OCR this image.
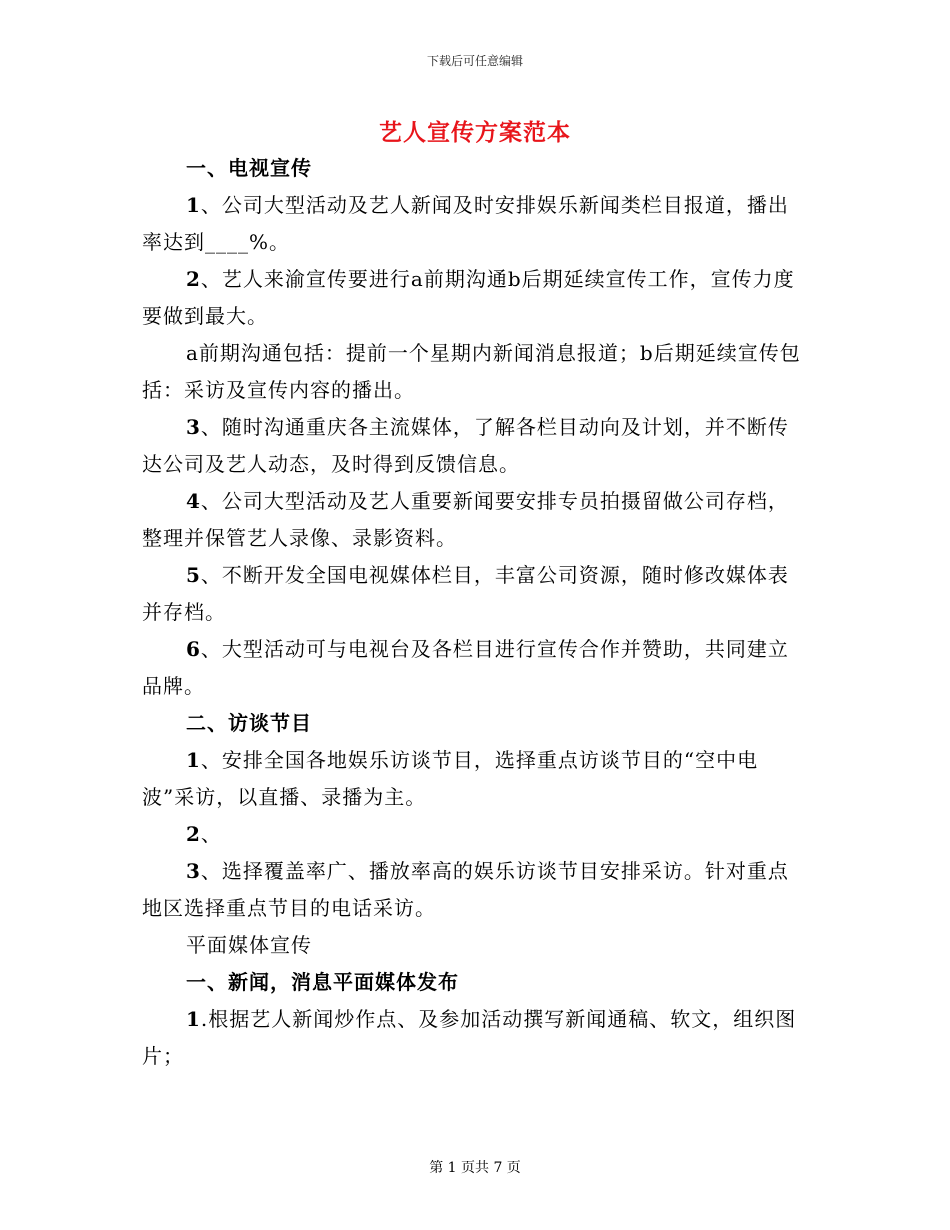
下载后可任意编辑
艺人宣传方案范本

一、电视宣传

1、公司大型活动及艺人新闻及时安排娱乐新闻类栏目报道，播出率达到____%。

2、艺人来渝宣传要进行a前期沟通b后期延续宣传工作，宣传力度要做到最大。

a前期沟通包括：提前一个星期内新闻消息报道；b后期延续宣传包括：采访及宣传内容的播出。

3、随时沟通重庆各主流媒体，了解各栏目动向及计划，并不断传达公司及艺人动态，及时得到反馈信息。

4、公司大型活动及艺人重要新闻要安排专员拍摄留做公司存档，整理并保管艺人录像、录影资料。

5、不断开发全国电视媒体栏目，丰富公司资源，随时修改媒体表并存档。

6、大型活动可与电视台及各栏目进行宣传合作并赞助，共同建立品牌。

二、访谈节目

1、安排全国各地娱乐访谈节目，选择重点访谈节目的“空中电波”采访，以直播、录播为主。

2、

3、选择覆盖率广、播放率高的娱乐访谈节目安排采访。针对重点地区选择重点节目的电话采访。

平面媒体宣传

一、新闻，消息平面媒体发布

1.根据艺人新闻炒作点、及参加活动撰写新闻通稿、软文，组织图片；

第 1 页共 7 页
